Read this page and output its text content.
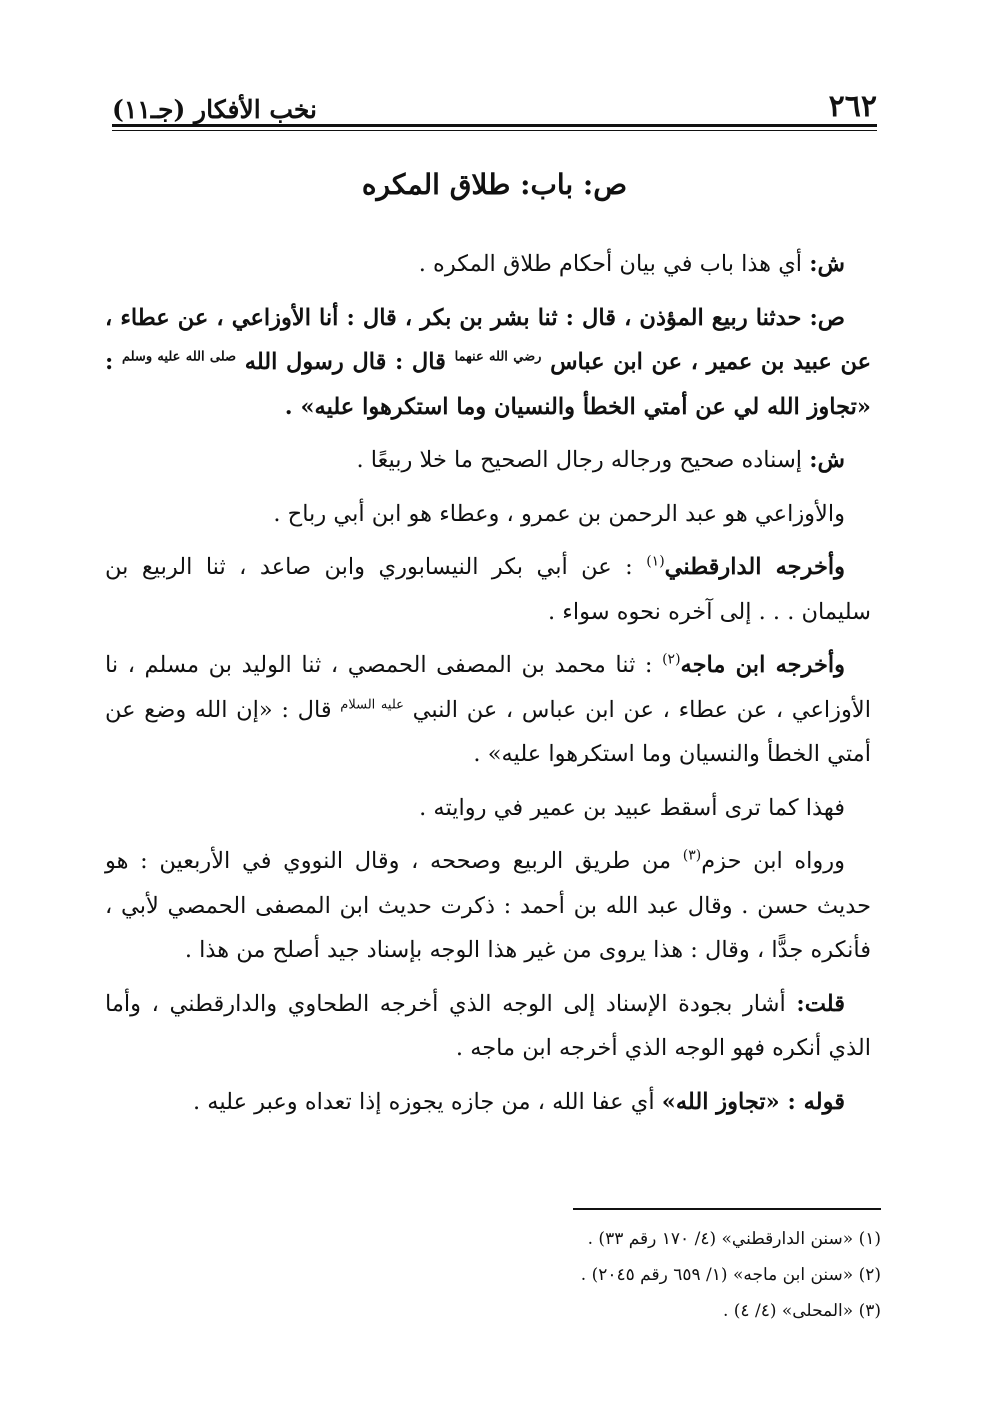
٢٦٢
نخب الأفكار (جـ١١)
ص: باب: طلاق المكره

ش: أي هذا باب في بيان أحكام طلاق المكره .

ص: حدثنا ربيع المؤذن ، قال : ثنا بشر بن بكر ، قال : أنا الأوزاعي ، عن عطاء ، عن عبيد بن عمير ، عن ابن عباس $^{رضي الله عنهما}$ قال : قال رسول الله $^{صلى الله عليه وسلم}$ : «تجاوز الله لي عن أمتي الخطأ والنسيان وما استكرهوا عليه» .

ش: إسناده صحيح ورجاله رجال الصحيح ما خلا ربيعًا .

والأوزاعي هو عبد الرحمن بن عمرو ، وعطاء هو ابن أبي رباح .

وأخرجه الدارقطني$^{(١)}$ : عن أبي بكر النيسابوري وابن صاعد ، ثنا الربيع بن سليمان . . . إلى آخره نحوه سواء .

وأخرجه ابن ماجه$^{(٢)}$ : ثنا محمد بن المصفى الحمصي ، ثنا الوليد بن مسلم ، نا الأوزاعي ، عن عطاء ، عن ابن عباس ، عن النبي $^{عليه السلام}$ قال : «إن الله وضع عن أمتي الخطأ والنسيان وما استكرهوا عليه» .

فهذا كما ترى أسقط عبيد بن عمير في روايته .

ورواه ابن حزم$^{(٣)}$ من طريق الربيع وصححه ، وقال النووي في الأربعين : هو حديث حسن . وقال عبد الله بن أحمد : ذكرت حديث ابن المصفى الحمصي لأبي ، فأنكره جدًّا ، وقال : هذا يروى من غير هذا الوجه بإسناد جيد أصلح من هذا .

قلت: أشار بجودة الإسناد إلى الوجه الذي أخرجه الطحاوي والدارقطني ، وأما الذي أنكره فهو الوجه الذي أخرجه ابن ماجه .

قوله : «تجاوز الله» أي عفا الله ، من جازه يجوزه إذا تعداه وعبر عليه .

(١) «سنن الدارقطني» (٤/ ١٧٠ رقم ٣٣) .

(٢) «سنن ابن ماجه» (١/ ٦٥٩ رقم ٢٠٤٥) .

(٣) «المحلى» (٤/ ٤) .
